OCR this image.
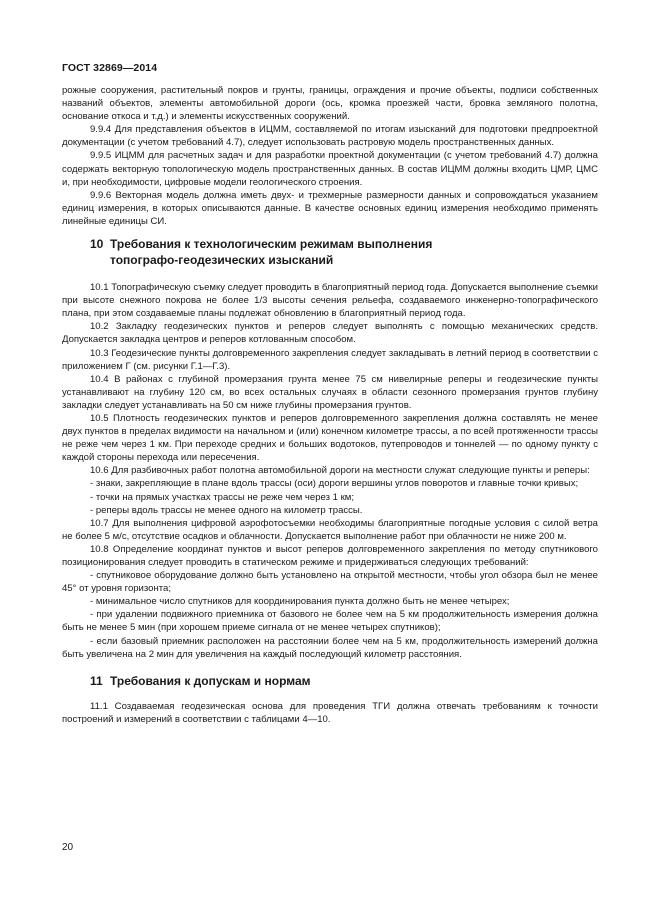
ГОСТ 32869—2014

рожные сооружения, растительный покров и грунты, границы, ограждения и прочие объекты, подписи собственных названий объектов, элементы автомобильной дороги (ось, кромка проезжей части, бровка земляного полотна, основание откоса и т.д.) и элементы искусственных сооружений.

9.9.4 Для представления объектов в ИЦММ, составляемой по итогам изысканий для подготовки предпроектной документации (с учетом требований 4.7), следует использовать растровую модель пространственных данных.

9.9.5 ИЦММ для расчетных задач и для разработки проектной документации (с учетом требований 4.7) должна содержать векторную топологическую модель пространственных данных. В состав ИЦММ должны входить ЦМР, ЦМС и, при необходимости, цифровые модели геологического строения.

9.9.6 Векторная модель должна иметь двух- и трехмерные размерности данных и сопровождаться указанием единиц измерения, в которых описываются данные. В качестве основных единиц измерения необходимо применять линейные единицы СИ.

10 Требования к технологическим режимам выполнения
топографо-геодезических изысканий

10.1 Топографическую съемку следует проводить в благоприятный период года. Допускается выполнение съемки при высоте снежного покрова не более 1/3 высоты сечения рельефа, создаваемого инженерно-топографического плана, при этом создаваемые планы подлежат обновлению в благоприятный период года.

10.2 Закладку геодезических пунктов и реперов следует выполнять с помощью механических средств. Допускается закладка центров и реперов котлованным способом.

10.3 Геодезические пункты долговременного закрепления следует закладывать в летний период в соответствии с приложением Г (см. рисунки Г.1—Г.3).

10.4 В районах с глубиной промерзания грунта менее 75 см нивелирные реперы и геодезические пункты устанавливают на глубину 120 см, во всех остальных случаях в области сезонного промерзания грунтов глубину закладки следует устанавливать на 50 см ниже глубины промерзания грунтов.

10.5 Плотность геодезических пунктов и реперов долговременного закрепления должна составлять не менее двух пунктов в пределах видимости на начальном и (или) конечном километре трассы, а по всей протяженности трассы не реже чем через 1 км. При переходе средних и больших водотоков, путепроводов и тоннелей — по одному пункту с каждой стороны перехода или пересечения.

10.6 Для разбивочных работ полотна автомобильной дороги на местности служат следующие пункты и реперы:

- знаки, закрепляющие в плане вдоль трассы (оси) дороги вершины углов поворотов и главные точки кривых;

- точки на прямых участках трассы не реже чем через 1 км;

- реперы вдоль трассы не менее одного на километр трассы.

10.7 Для выполнения цифровой аэрофотосъемки необходимы благоприятные погодные условия с силой ветра не более 5 м/с, отсутствие осадков и облачности. Допускается выполнение работ при облачности не ниже 200 м.

10.8 Определение координат пунктов и высот реперов долговременного закрепления по методу спутникового позиционирования следует проводить в статическом режиме и придерживаться следующих требований:

- спутниковое оборудование должно быть установлено на открытой местности, чтобы угол обзора был не менее 45° от уровня горизонта;

- минимальное число спутников для координирования пункта должно быть не менее четырех;

- при удалении подвижного приемника от базового не более чем на 5 км продолжительность измерения должна быть не менее 5 мин (при хорошем приеме сигнала от не менее четырех спутников);

- если базовый приемник расположен на расстоянии более чем на 5 км, продолжительность измерений должна быть увеличена на 2 мин для увеличения на каждый последующий километр расстояния.

11 Требования к допускам и нормам

11.1 Создаваемая геодезическая основа для проведения ТГИ должна отвечать требованиям к точности построений и измерений в соответствии с таблицами 4—10.

20
